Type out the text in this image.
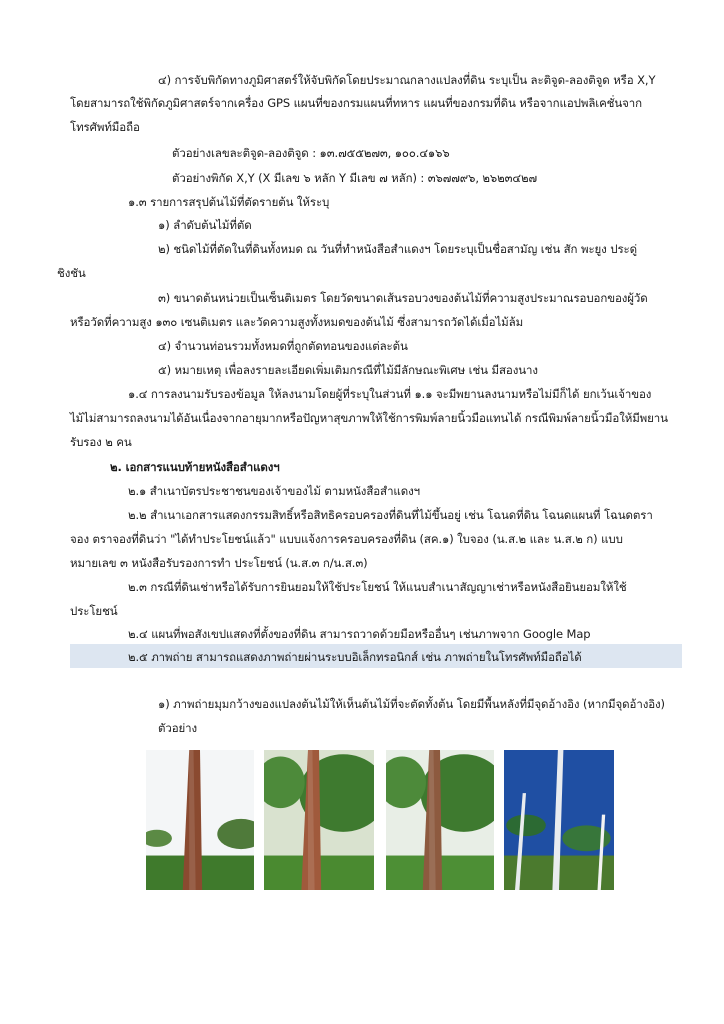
๔) การจับพิกัดทางภูมิศาสตร์ให้จับพิกัดโดยประมาณกลางแปลงที่ดิน ระบุเป็น ละติจูด-ลองติจูด หรือ X,Y

โดยสามารถใช้พิกัดภูมิศาสตร์จากเครื่อง GPS แผนที่ของกรมแผนที่ทหาร แผนที่ของกรมที่ดิน หรือจากแอปพลิเคชั่นจาก

โทรศัพท์มือถือ

ตัวอย่างเลขละติจูด-ลองติจูด : ๑๓.๗๕๕๒๗๓, ๑๐๐.๔๑๖๖

ตัวอย่างพิกัด X,Y (X มีเลข ๖ หลัก Y มีเลข ๗ หลัก) : ๓๖๗๗๙๖, ๒๖๒๓๔๒๗

๑.๓ รายการสรุปต้นไม้ที่ตัดรายต้น ให้ระบุ

๑) ลำดับต้นไม้ที่ตัด

๒) ชนิดไม้ที่ตัดในที่ดินทั้งหมด ณ วันที่ทำหนังสือสำแดงฯ โดยระบุเป็นชื่อสามัญ เช่น สัก พะยูง ประดู่

ชิงชัน

๓) ขนาดต้นหน่วยเป็นเซ็นติเมตร โดยวัดขนาดเส้นรอบวงของต้นไม้ที่ความสูงประมาณรอบอกของผู้วัด

หรือวัดที่ความสูง ๑๓๐ เซนติเมตร และวัดความสูงทั้งหมดของต้นไม้ ซึ่งสามารถวัดได้เมื่อไม้ล้ม

๔) จำนวนท่อนรวมทั้งหมดที่ถูกตัดทอนของแต่ละต้น

๕) หมายเหตุ เพื่อลงรายละเอียดเพิ่มเติมกรณีที่ไม้มีลักษณะพิเศษ เช่น มีสองนาง

๑.๔ การลงนามรับรองข้อมูล ให้ลงนามโดยผู้ที่ระบุในส่วนที่ ๑.๑ จะมีพยานลงนามหรือไม่มีก็ได้ ยกเว้นเจ้าของ

ไม้ไม่สามารถลงนามได้อันเนื่องจากอายุมากหรือปัญหาสุขภาพให้ใช้การพิมพ์ลายนิ้วมือแทนได้ กรณีพิมพ์ลายนิ้วมือให้มีพยาน

รับรอง ๒ คน

๒. เอกสารแนบท้ายหนังสือสำแดงฯ

๒.๑ สำเนาบัตรประชาชนของเจ้าของไม้ ตามหนังสือสำแดงฯ

๒.๒ สำเนาเอกสารแสดงกรรมสิทธิ์หรือสิทธิครอบครองที่ดินที่ไม้ขึ้นอยู่ เช่น โฉนดที่ดิน โฉนดแผนที่ โฉนดตรา

จอง ตราจองที่ดินว่า "ได้ทำประโยชน์แล้ว" แบบแจ้งการครอบครองที่ดิน (สค.๑) ใบจอง (น.ส.๒ และ น.ส.๒ ก) แบบ

หมายเลข ๓ หนังสือรับรองการทำ ประโยชน์ (น.ส.๓ ก/น.ส.๓)

๒.๓ กรณีที่ดินเช่าหรือได้รับการยินยอมให้ใช้ประโยชน์ ให้แนบสำเนาสัญญาเช่าหรือหนังสือยินยอมให้ใช้

ประโยชน์

๒.๔ แผนที่พอสังเขปแสดงที่ตั้งของที่ดิน สามารถวาดด้วยมือหรืออื่นๆ เช่นภาพจาก Google Map

๒.๕ ภาพถ่าย สามารถแสดงภาพถ่ายผ่านระบบอิเล็กทรอนิกส์ เช่น ภาพถ่ายในโทรศัพท์มือถือได้

๑) ภาพถ่ายมุมกว้างของแปลงต้นไม้ให้เห็นต้นไม้ที่จะตัดทั้งต้น โดยมีพื้นหลังที่มีจุดอ้างอิง (หากมีจุดอ้างอิง)

ตัวอย่าง
